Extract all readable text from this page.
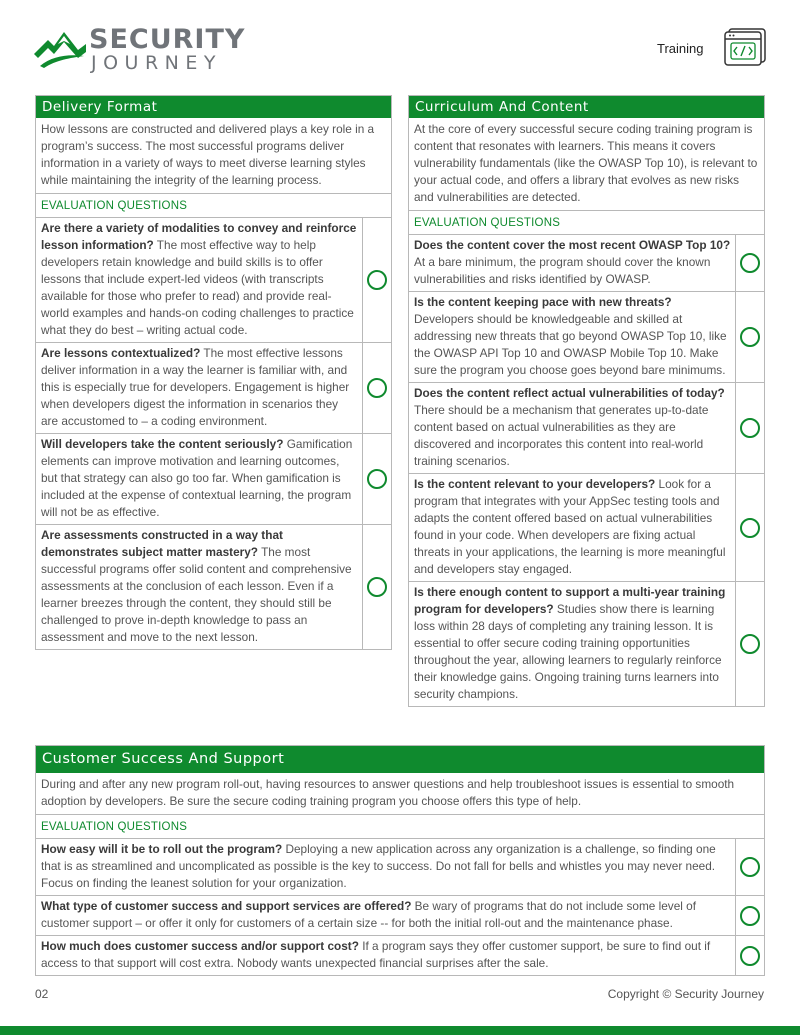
SECURITY
JOURNEY
Training
Delivery Format
How lessons are constructed and delivered plays a key role in a program’s success. The most successful programs deliver information in a variety of ways to meet diverse learning styles while maintaining the integrity of the learning process.
EVALUATION QUESTIONS
Are there a variety of modalities to convey and reinforce lesson information? The most effective way to help developers retain knowledge and build skills is to offer lessons that include expert-led videos (with transcripts available for those who prefer to read) and provide real-world examples and hands-on coding challenges to practice what they do best – writing actual code.
Are lessons contextualized? The most effective lessons deliver information in a way the learner is familiar with, and this is especially true for developers. Engagement is higher when developers digest the information in scenarios they are accustomed to – a coding environment.
Will developers take the content seriously? Gamification elements can improve motivation and learning outcomes, but that strategy can also go too far. When gamification is included at the expense of contextual learning, the program will not be as effective.
Are assessments constructed in a way that demonstrates subject matter mastery? The most successful programs offer solid content and comprehensive assessments at the conclusion of each lesson. Even if a learner breezes through the content, they should still be challenged to prove in-depth knowledge to pass an assessment and move to the next lesson.
Curriculum And Content
At the core of every successful secure coding training program is content that resonates with learners. This means it covers vulnerability fundamentals (like the OWASP Top 10), is relevant to your actual code, and offers a library that evolves as new risks and vulnerabilities are detected.
EVALUATION QUESTIONS
Does the content cover the most recent OWASP Top 10? At a bare minimum, the program should cover the known vulnerabilities and risks identified by OWASP.
Is the content keeping pace with new threats? Developers should be knowledgeable and skilled at addressing new threats that go beyond OWASP Top 10, like the OWASP API Top 10 and OWASP Mobile Top 10. Make sure the program you choose goes beyond bare minimums.
Does the content reflect actual vulnerabilities of today? There should be a mechanism that generates up-to-date content based on actual vulnerabilities as they are discovered and incorporates this content into real-world training scenarios.
Is the content relevant to your developers? Look for a program that integrates with your AppSec testing tools and adapts the content offered based on actual vulnerabilities found in your code. When developers are fixing actual threats in your applications, the learning is more meaningful and developers stay engaged.
Is there enough content to support a multi-year training program for developers? Studies show there is learning loss within 28 days of completing any training lesson. It is essential to offer secure coding training opportunities throughout the year, allowing learners to regularly reinforce their knowledge gains. Ongoing training turns learners into security champions.
Customer Success And Support
During and after any new program roll-out, having resources to answer questions and help troubleshoot issues is essential to smooth adoption by developers. Be sure the secure coding training program you choose offers this type of help.
EVALUATION QUESTIONS
How easy will it be to roll out the program? Deploying a new application across any organization is a challenge, so finding one that is as streamlined and uncomplicated as possible is the key to success. Do not fall for bells and whistles you may never need. Focus on finding the leanest solution for your organization.
What type of customer success and support services are offered? Be wary of programs that do not include some level of customer support – or offer it only for customers of a certain size -- for both the initial roll-out and the maintenance phase.
How much does customer success and/or support cost? If a program says they offer customer support, be sure to find out if access to that support will cost extra. Nobody wants unexpected financial surprises after the sale.
02	Copyright © Security Journey
